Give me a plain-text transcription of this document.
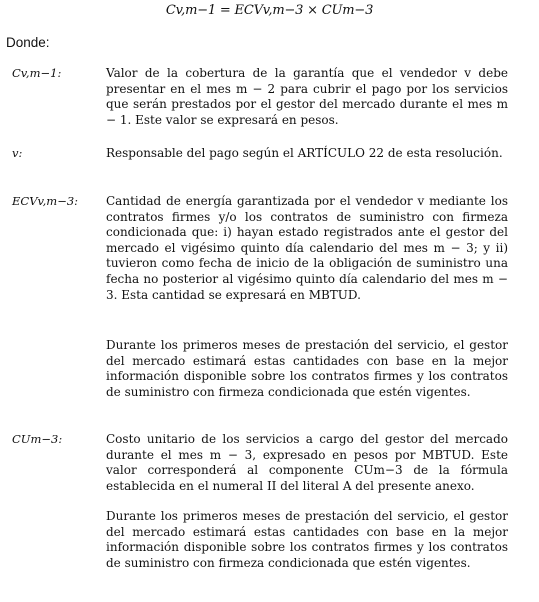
Cv,m−1 = ECVv,m−3 × CUm−3
Donde:
Cv,m−1:	Valor de la cobertura de la garantía que el vendedor v debe presentar en el mes m − 2 para cubrir el pago por los servicios que serán prestados por el gestor del mercado durante el mes m − 1. Este valor se expresará en pesos.

v:	Responsable del pago según el ARTÍCULO 22 de esta resolución.

ECVv,m−3: Cantidad de energía garantizada por el vendedor v mediante los contratos firmes y/o los contratos de suministro con firmeza condicionada que: i) hayan estado registrados ante el gestor del mercado el vigésimo quinto día calendario del mes m − 3; y ii) tuvieron como fecha de inicio de la obligación de suministro una fecha no posterior al vigésimo quinto día calendario del mes m − 3. Esta cantidad se expresará en MBTUD.

Durante los primeros meses de prestación del servicio, el gestor del mercado estimará estas cantidades con base en la mejor información disponible sobre los contratos firmes y los contratos de suministro con firmeza condicionada que estén vigentes.

CUm−3:	Costo unitario de los servicios a cargo del gestor del mercado durante el mes m − 3, expresado en pesos por MBTUD. Este valor corresponderá al componente CUm−3 de la fórmula establecida en el numeral II del literal A del presente anexo.

Durante los primeros meses de prestación del servicio, el gestor del mercado estimará estas cantidades con base en la mejor información disponible sobre los contratos firmes y los contratos de suministro con firmeza condicionada que estén vigentes.
